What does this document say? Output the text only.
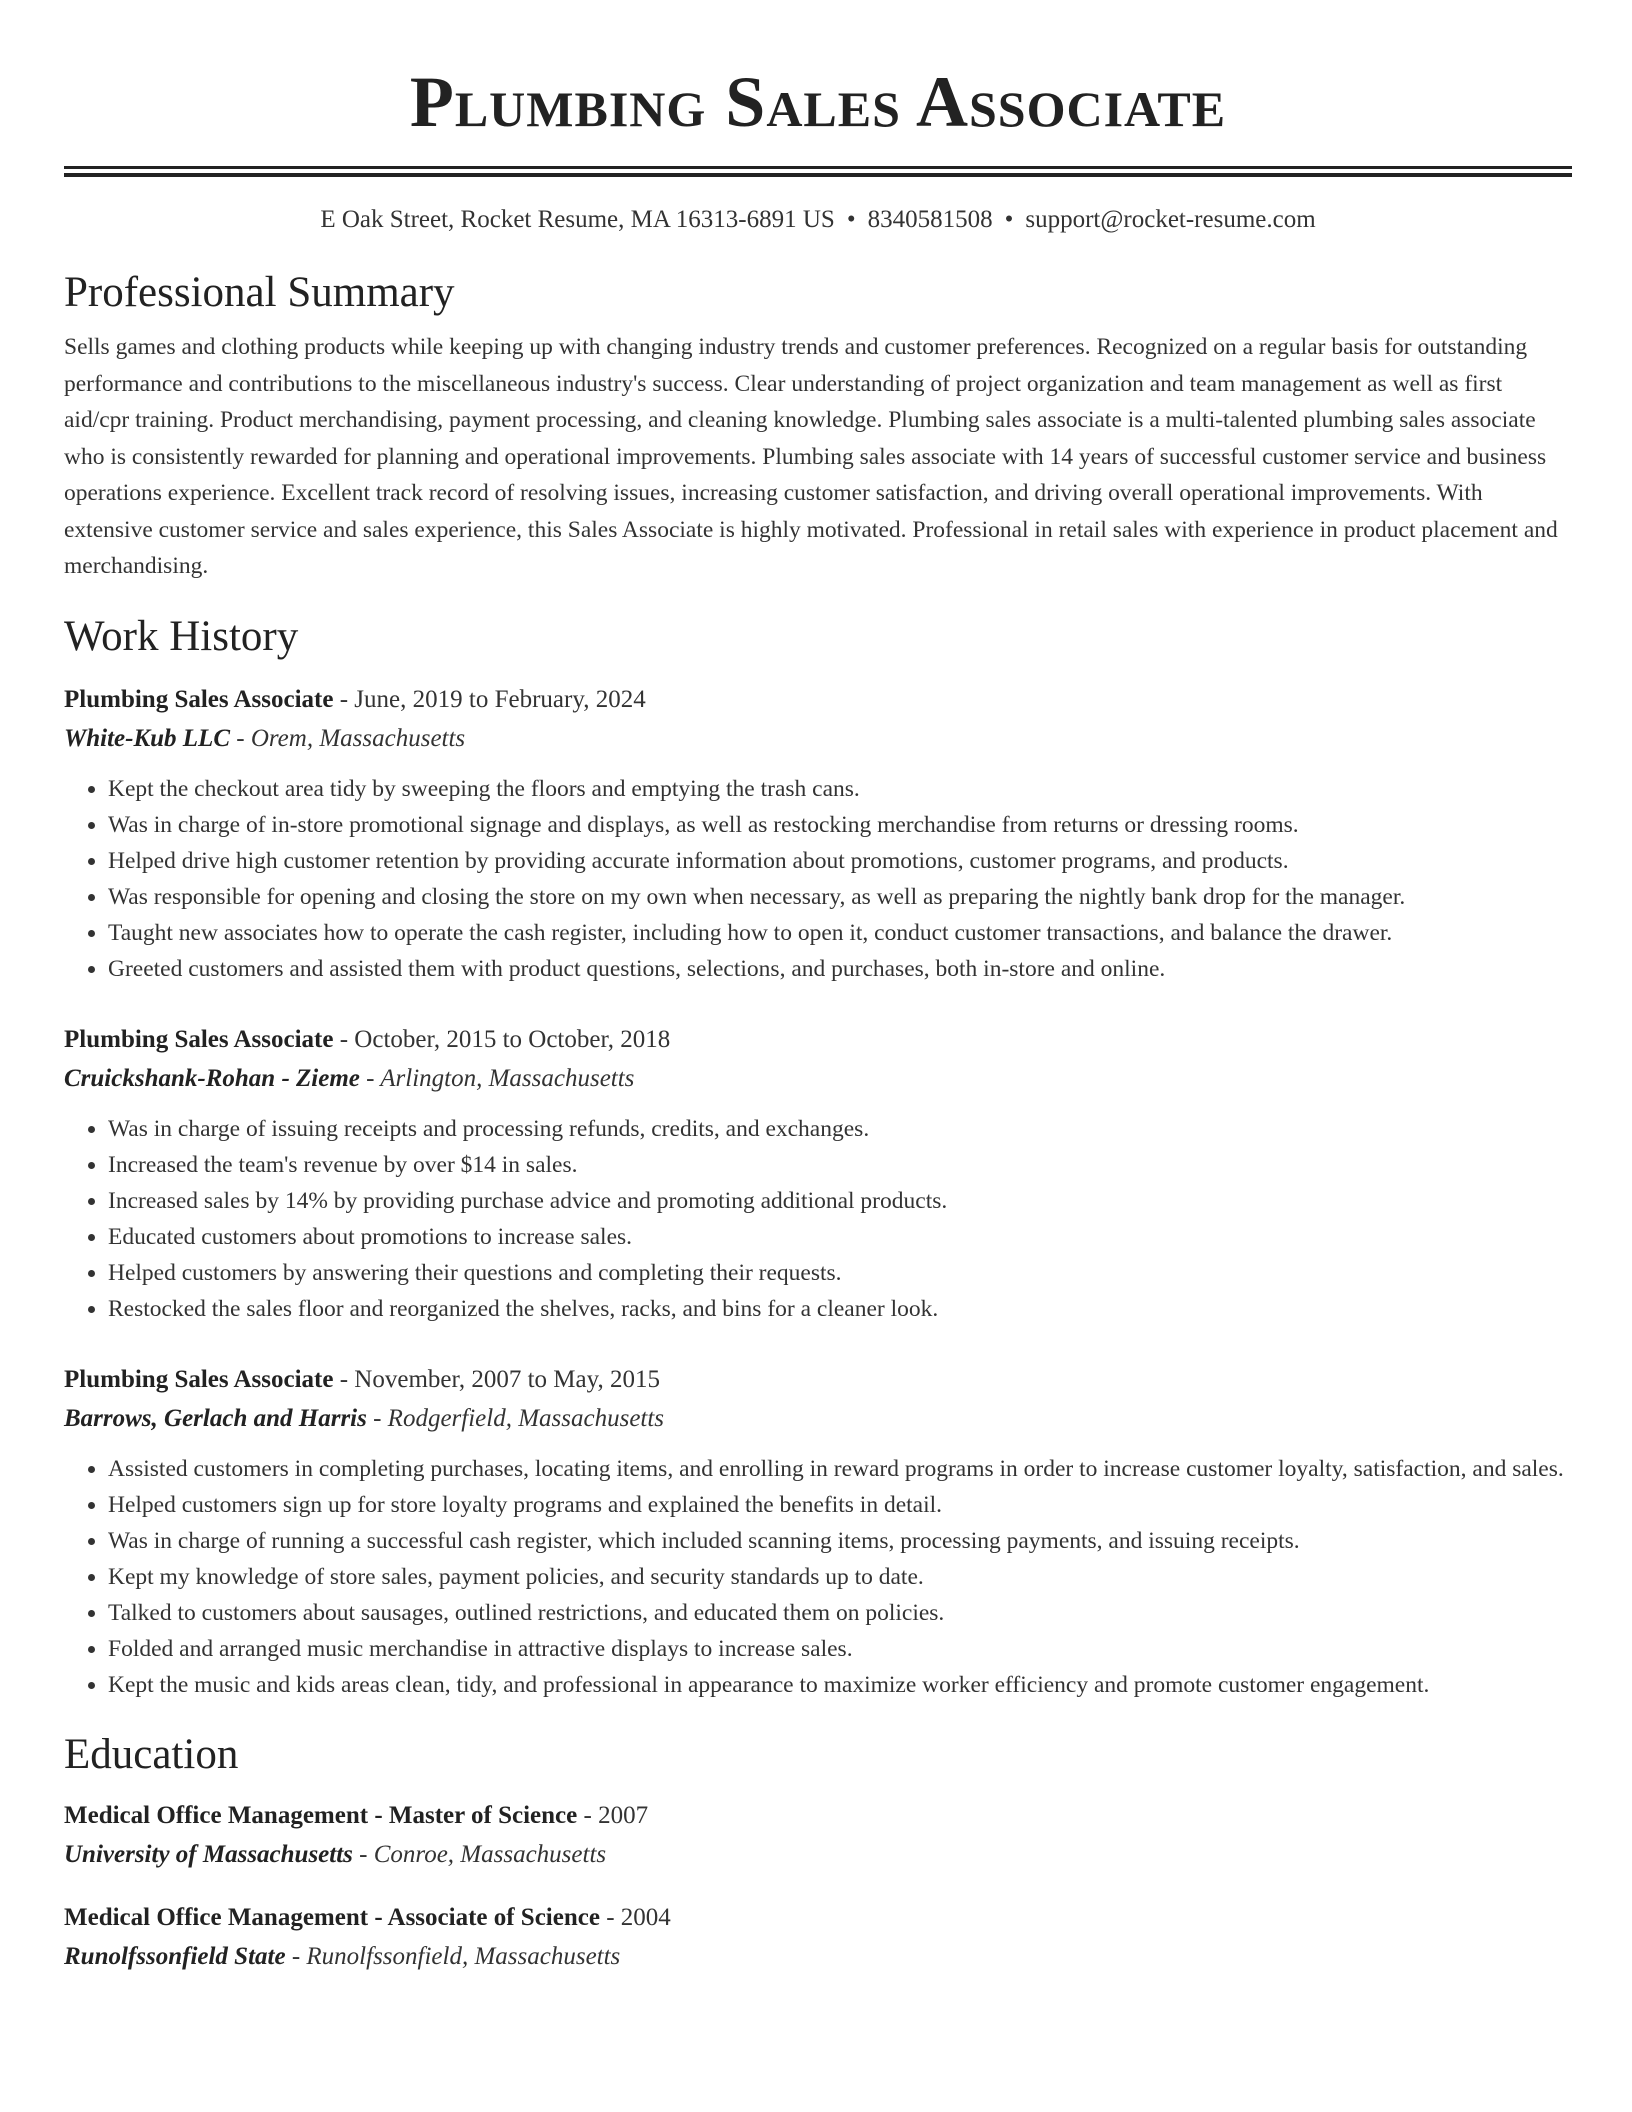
Plumbing Sales Associate
E Oak Street, Rocket Resume, MA 16313-6891 US • 8340581508 • support@rocket-resume.com
Professional Summary
Sells games and clothing products while keeping up with changing industry trends and customer preferences. Recognized on a regular basis for outstanding performance and contributions to the miscellaneous industry's success. Clear understanding of project organization and team management as well as first aid/cpr training. Product merchandising, payment processing, and cleaning knowledge. Plumbing sales associate is a multi-talented plumbing sales associate who is consistently rewarded for planning and operational improvements. Plumbing sales associate with 14 years of successful customer service and business operations experience. Excellent track record of resolving issues, increasing customer satisfaction, and driving overall operational improvements. With extensive customer service and sales experience, this Sales Associate is highly motivated. Professional in retail sales with experience in product placement and merchandising.
Work History
Plumbing Sales Associate - June, 2019 to February, 2024
White-Kub LLC - Orem, Massachusetts
• Kept the checkout area tidy by sweeping the floors and emptying the trash cans.
• Was in charge of in-store promotional signage and displays, as well as restocking merchandise from returns or dressing rooms.
• Helped drive high customer retention by providing accurate information about promotions, customer programs, and products.
• Was responsible for opening and closing the store on my own when necessary, as well as preparing the nightly bank drop for the manager.
• Taught new associates how to operate the cash register, including how to open it, conduct customer transactions, and balance the drawer.
• Greeted customers and assisted them with product questions, selections, and purchases, both in-store and online.
Plumbing Sales Associate - October, 2015 to October, 2018
Cruickshank-Rohan - Zieme - Arlington, Massachusetts
• Was in charge of issuing receipts and processing refunds, credits, and exchanges.
• Increased the team's revenue by over $14 in sales.
• Increased sales by 14% by providing purchase advice and promoting additional products.
• Educated customers about promotions to increase sales.
• Helped customers by answering their questions and completing their requests.
• Restocked the sales floor and reorganized the shelves, racks, and bins for a cleaner look.
Plumbing Sales Associate - November, 2007 to May, 2015
Barrows, Gerlach and Harris - Rodgerfield, Massachusetts
• Assisted customers in completing purchases, locating items, and enrolling in reward programs in order to increase customer loyalty, satisfaction, and sales.
• Helped customers sign up for store loyalty programs and explained the benefits in detail.
• Was in charge of running a successful cash register, which included scanning items, processing payments, and issuing receipts.
• Kept my knowledge of store sales, payment policies, and security standards up to date.
• Talked to customers about sausages, outlined restrictions, and educated them on policies.
• Folded and arranged music merchandise in attractive displays to increase sales.
• Kept the music and kids areas clean, tidy, and professional in appearance to maximize worker efficiency and promote customer engagement.
Education
Medical Office Management - Master of Science - 2007
University of Massachusetts - Conroe, Massachusetts
Medical Office Management - Associate of Science - 2004
Runolfssonfield State - Runolfssonfield, Massachusetts
